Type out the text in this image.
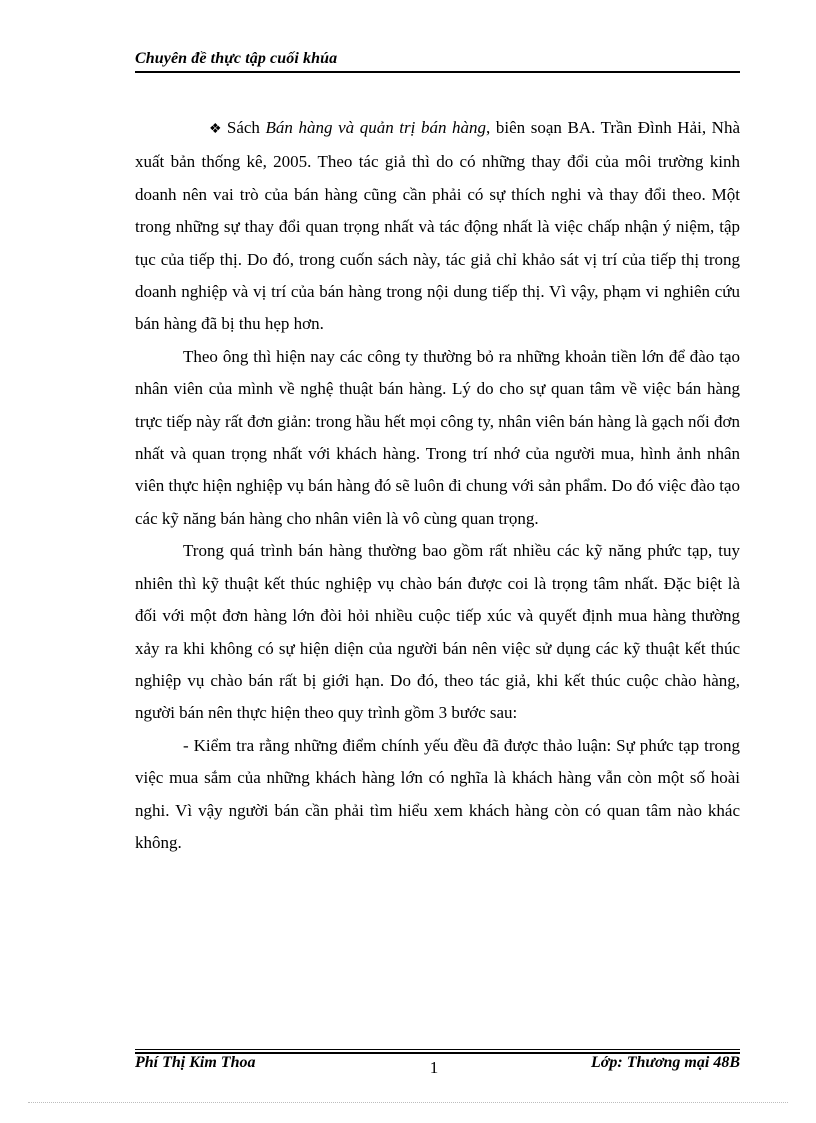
Chuyên đề thực tập cuối khúa

❖ Sách Bán hàng và quản trị bán hàng, biên soạn BA. Trần Đình Hải, Nhà xuất bản thống kê, 2005. Theo tác giả thì do có những thay đổi của môi trường kinh doanh nên vai trò của bán hàng cũng cần phải có sự thích nghi và thay đổi theo. Một trong những sự thay đổi quan trọng nhất và tác động nhất là việc chấp nhận ý niệm, tập tục của tiếp thị. Do đó, trong cuốn sách này, tác giả chỉ khảo sát vị trí của tiếp thị trong doanh nghiệp và vị trí của bán hàng trong nội dung tiếp thị. Vì vậy, phạm vi nghiên cứu bán hàng đã bị thu hẹp hơn.

Theo ông thì hiện nay các công ty thường bỏ ra những khoản tiền lớn để đào tạo nhân viên của mình về nghệ thuật bán hàng. Lý do cho sự quan tâm về việc bán hàng trực tiếp này rất đơn giản: trong hầu hết mọi công ty, nhân viên bán hàng là gạch nối đơn nhất và quan trọng nhất với khách hàng. Trong trí nhớ của người mua, hình ảnh nhân viên thực hiện nghiệp vụ bán hàng đó sẽ luôn đi chung với sản phẩm. Do đó việc đào tạo các kỹ năng bán hàng cho nhân viên là vô cùng quan trọng.

Trong quá trình bán hàng thường bao gồm rất nhiều các kỹ năng phức tạp, tuy nhiên thì kỹ thuật kết thúc nghiệp vụ chào bán được coi là trọng tâm nhất. Đặc biệt là đối với một đơn hàng lớn đòi hỏi nhiều cuộc tiếp xúc và quyết định mua hàng thường xảy ra khi không có sự hiện diện của người bán nên việc sử dụng các kỹ thuật kết thúc nghiệp vụ chào bán rất bị giới hạn. Do đó, theo tác giả, khi kết thúc cuộc chào hàng, người bán nên thực hiện theo quy trình gồm 3 bước sau:

- Kiểm tra rằng những điểm chính yếu đều đã được thảo luận: Sự phức tạp trong việc mua sắm của những khách hàng lớn có nghĩa là khách hàng vẫn còn một số hoài nghi. Vì vậy người bán cần phải tìm hiểu xem khách hàng còn có quan tâm nào khác không.

Phí Thị Kim Thoa	1	Lớp: Thương mại 48B
